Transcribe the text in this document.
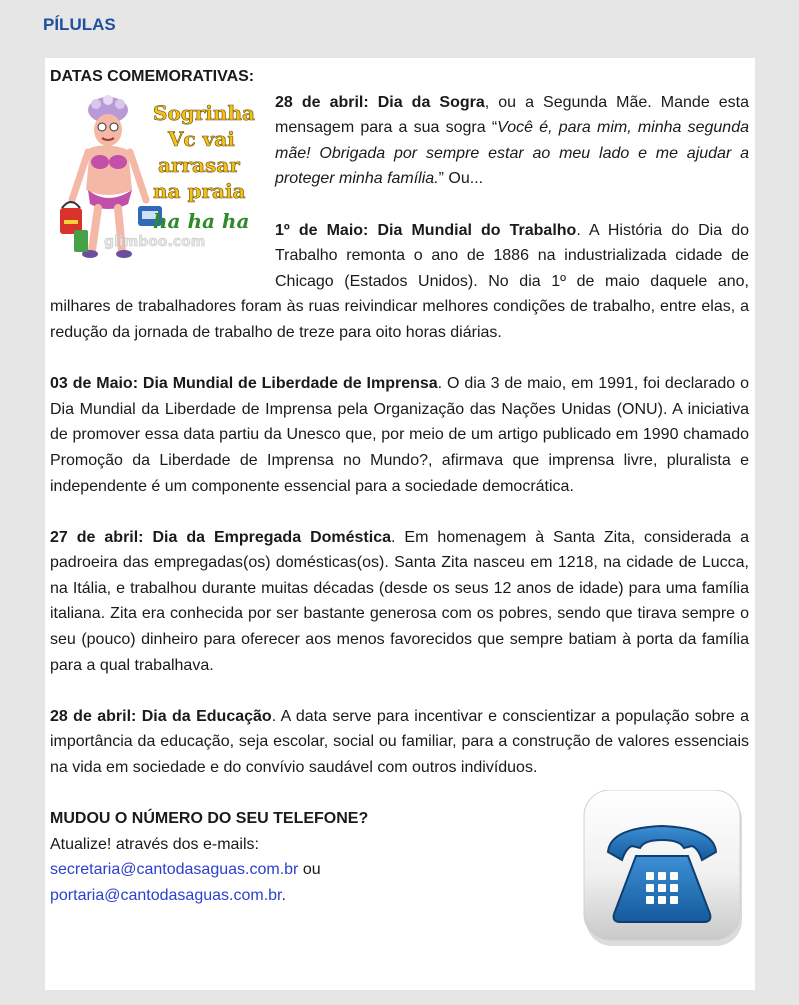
PÍLULAS
DATAS COMEMORATIVAS:
Sogrinha
Vc vai
arrasar
na praia
ha ha ha
glimboo.com

28 de abril: Dia da Sogra, ou a Segunda Mãe. Mande esta mensagem para a sua sogra “Você é, para mim, minha segunda mãe! Obrigada por sempre estar ao meu lado e me ajudar a proteger minha família.” Ou...

1º de Maio: Dia Mundial do Trabalho. A História do Dia do Trabalho remonta o ano de 1886 na industrializada cidade de Chicago (Estados Unidos). No dia 1º de maio daquele ano, milhares de trabalhadores foram às ruas reivindicar melhores condições de trabalho, entre elas, a redução da jornada de trabalho de treze para oito horas diárias.

03 de Maio: Dia Mundial de Liberdade de Imprensa. O dia 3 de maio, em 1991, foi declarado o Dia Mundial da Liberdade de Imprensa pela Organização das Nações Unidas (ONU). A iniciativa de promover essa data partiu da Unesco que, por meio de um artigo publicado em 1990 chamado Promoção da Liberdade de Imprensa no Mundo?, afirmava que imprensa livre, pluralista e independente é um componente essencial para a sociedade democrática.

27 de abril: Dia da Empregada Doméstica. Em homenagem à Santa Zita, considerada a padroeira das empregadas(os) domésticas(os). Santa Zita nasceu em 1218, na cidade de Lucca, na Itália, e trabalhou durante muitas décadas (desde os seus 12 anos de idade) para uma família italiana. Zita era conhecida por ser bastante generosa com os pobres, sendo que tirava sempre o seu (pouco) dinheiro para oferecer aos menos favorecidos que sempre batiam à porta da família para a qual trabalhava.

28 de abril: Dia da Educação. A data serve para incentivar e conscientizar a população sobre a importância da educação, seja escolar, social ou familiar, para a construção de valores essenciais na vida em sociedade e do convívio saudável com outros indivíduos.

MUDOU O NÚMERO DO SEU TELEFONE?
Atualize! através dos e-mails:
secretaria@cantodasaguas.com.br ou
portaria@cantodasaguas.com.br.
